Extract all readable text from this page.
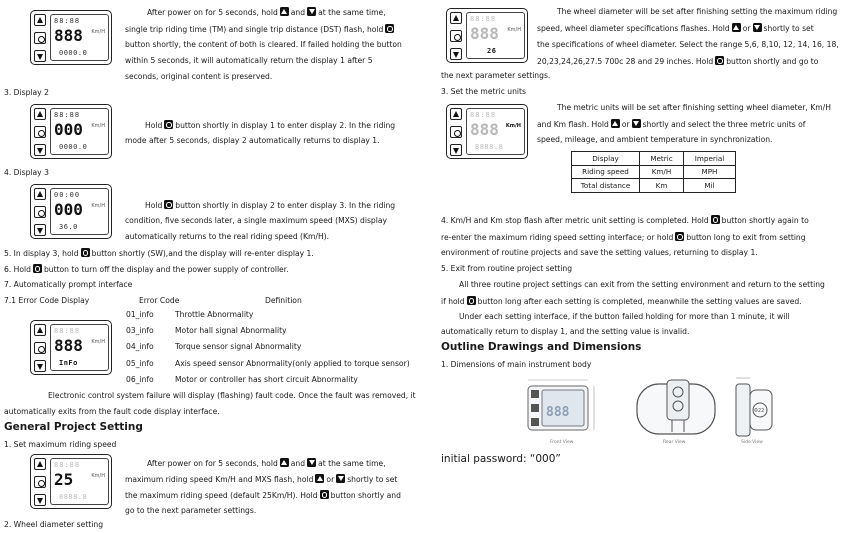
88:88
888 Km/H
0000.0
After power on for 5 seconds, hold and at the same time,
single trip riding time (TM) and single trip distance (DST) flash, hold
button shortly, the content of both is cleared. If failed holding the button
within 5 seconds, it will automatically return the display 1 after 5
seconds, original content is preserved.
3. Display 2
88:88
000 Km/H
0000.0
Hold button shortly in display 1 to enter display 2. In the riding
mode after 5 seconds, display 2 automatically returns to display 1.
4. Display 3
00:00
000 Km/H
36.0
Hold button shortly in display 2 to enter display 3. In the riding
condition, five seconds later, a single maximum speed (MXS) display
automatically returns to the real riding speed (Km/H).
5. In display 3, hold button shortly (SW),and the display will re-enter display 1.
6. Hold button to turn off the display and the power supply of controller.
7. Automatically prompt interface
7.1 Error Code Display	Error Code	Definition
88:88
888 Km/H
InFo
01_info	Throttle Abnormality
03_info	Motor hall signal Abnormality
04_info	Torque sensor signal Abnormality
05_info	Axis speed sensor Abnormality(only applied to torque sensor)
06_info	Motor or controller has short circuit Abnormality
Electronic control system failure will display (flashing) fault code. Once the fault was removed, it
automatically exits from the fault code display interface.
General Project Setting
1. Set maximum riding speed
88:88
25	Km/H
8888.8
After power on for 5 seconds, hold and at the same time,
maximum riding speed Km/H and MXS flash, hold or shortly to set
the maximum riding speed (default 25Km/H). Hold button shortly and
go to the next parameter settings.
2. Wheel diameter setting
88:88
888 Km/H
26
The wheel diameter will be set after finishing setting the maximum riding
speed, wheel diameter specifications flashes. Hold or shortly to set
the specifications of wheel diameter. Select the range 5,6, 8,10, 12, 14, 16, 18,
20,23,24,26,27.5 700c 28 and 29 inches. Hold button shortly and go to
the next parameter settings.
3. Set the metric units
88:88
888 Km/H
8888.8
The metric units will be set after finishing setting wheel diameter, Km/H
and Km flash. Hold or shortly and select the three metric units of
speed, mileage, and ambient temperature in synchronization.
Display	Metric	Imperial
Riding speed	Km/H	MPH
Total distance	Km	Mil
4. Km/H and Km stop flash after metric unit setting is completed. Hold button shortly again to
re-enter the maximum riding speed setting interface; or hold button long to exit from setting
environment of routine projects and save the setting values, returning to display 1.
5. Exit from routine project setting
All three routine project settings can exit from the setting environment and return to the setting
if hold button long after each setting is completed, meanwhile the setting values are saved.
Under each setting interface, if the button failed holding for more than 1 minute, it will
automatically return to display 1, and the setting value is invalid.
Outline Drawings and Dimensions
1. Dimensions of main instrument body
888	Φ22
Front View	Rear View	Side View
initial password: “000”
